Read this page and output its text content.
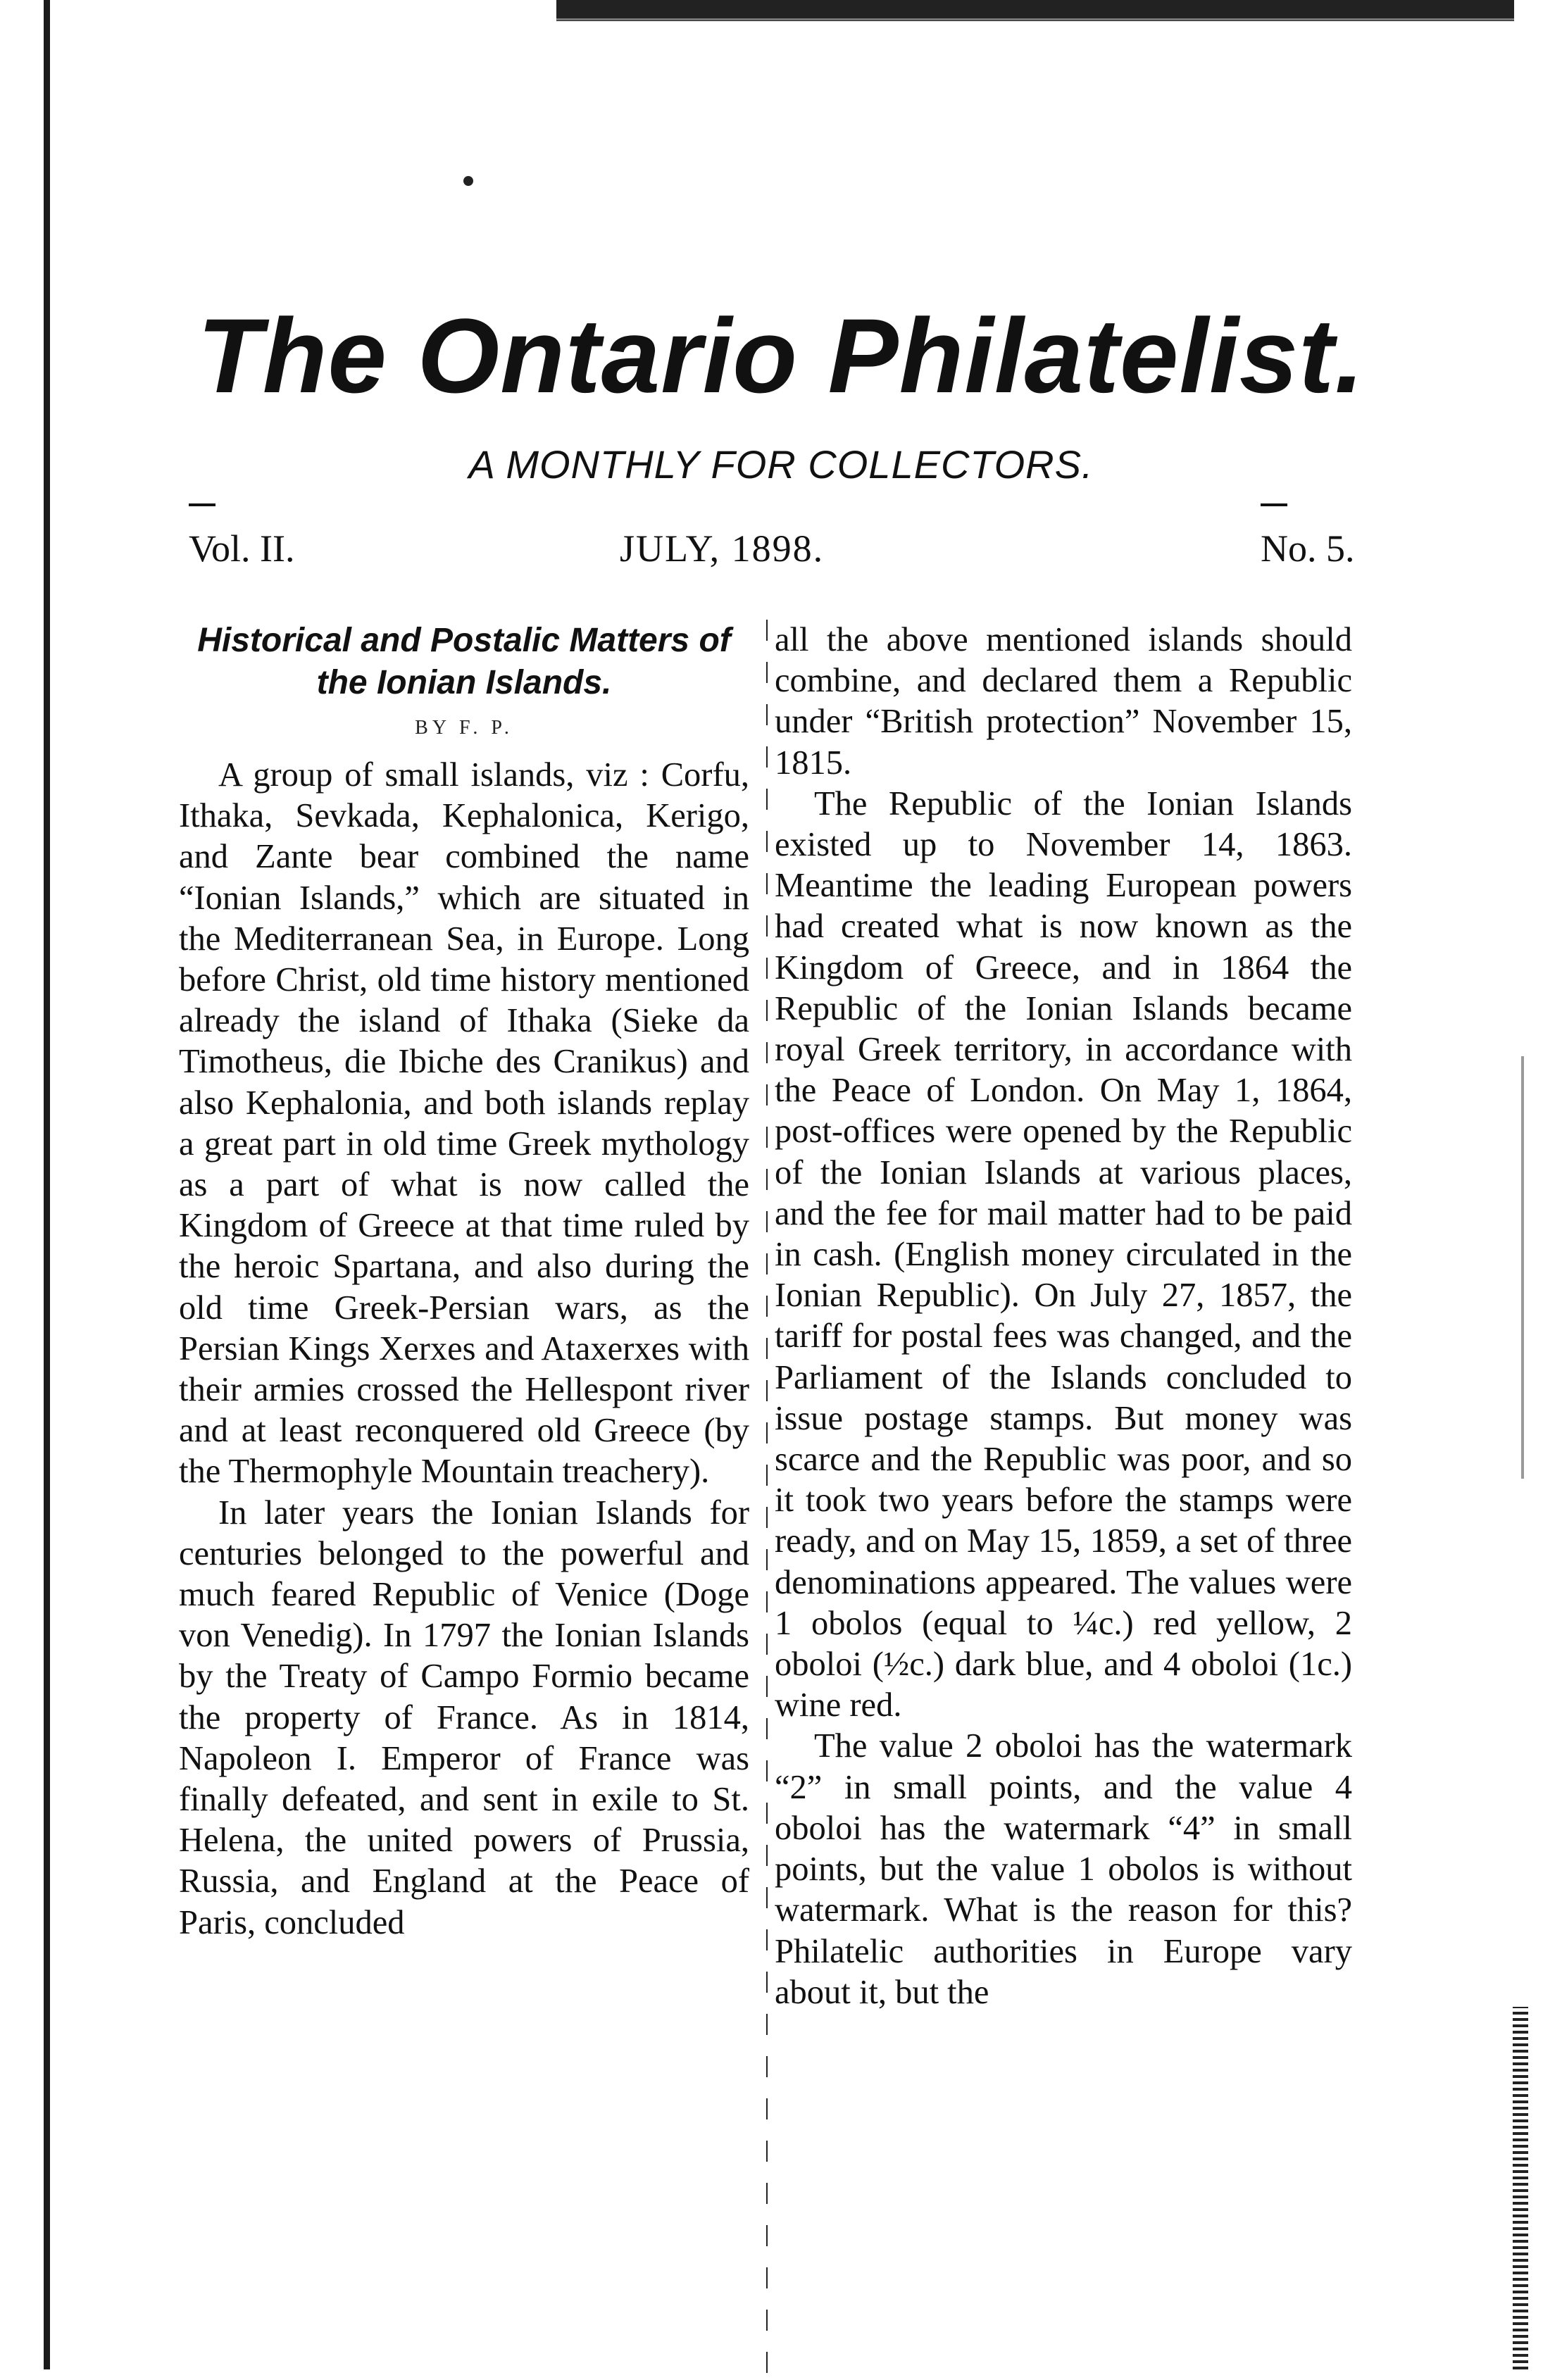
The Ontario Philatelist.
A MONTHLY FOR COLLECTORS.
Vol. II.	JULY, 1898.	No. 5.
Historical and Postalic Matters of the Ionian Islands.
BY F. P.

A group of small islands, viz : Corfu, Ithaka, Sevkada, Kephalonica, Kerigo, and Zante bear combined the name “Ionian Islands,” which are situated in the Mediterranean Sea, in Europe. Long before Christ, old time history mentioned already the island of Ithaka (Sieke da Timotheus, die Ibiche des Cranikus) and also Kephalonia, and both islands replay a great part in old time Greek mythology as a part of what is now called the Kingdom of Greece at that time ruled by the heroic Spartana, and also during the old time Greek-Persian wars, as the Persian Kings Xerxes and Ataxerxes with their armies crossed the Hellespont river and at least reconquered old Greece (by the Thermophyle Mountain treachery).

In later years the Ionian Islands for centuries belonged to the powerful and much feared Republic of Venice (Doge von Venedig). In 1797 the Ionian Islands by the Treaty of Campo Formio became the property of France. As in 1814, Napoleon I. Emperor of France was finally defeated, and sent in exile to St. Helena, the united powers of Prussia, Russia, and England at the Peace of Paris, concluded

all the above mentioned islands should combine, and declared them a Republic under “British protection” November 15, 1815.

The Republic of the Ionian Islands existed up to November 14, 1863. Meantime the leading European powers had created what is now known as the Kingdom of Greece, and in 1864 the Republic of the Ionian Islands became royal Greek territory, in accordance with the Peace of London. On May 1, 1864, post-offices were opened by the Republic of the Ionian Islands at various places, and the fee for mail matter had to be paid in cash. (English money circulated in the Ionian Republic). On July 27, 1857, the tariff for postal fees was changed, and the Parliament of the Islands concluded to issue postage stamps. But money was scarce and the Republic was poor, and so it took two years before the stamps were ready, and on May 15, 1859, a set of three denominations appeared. The values were 1 obolos (equal to ¼c.) red yellow, 2 oboloi (½c.) dark blue, and 4 oboloi (1c.) wine red.

The value 2 oboloi has the watermark “2” in small points, and the value 4 oboloi has the watermark “4” in small points, but the value 1 obolos is without watermark. What is the reason for this? Philatelic authorities in Europe vary about it, but the
